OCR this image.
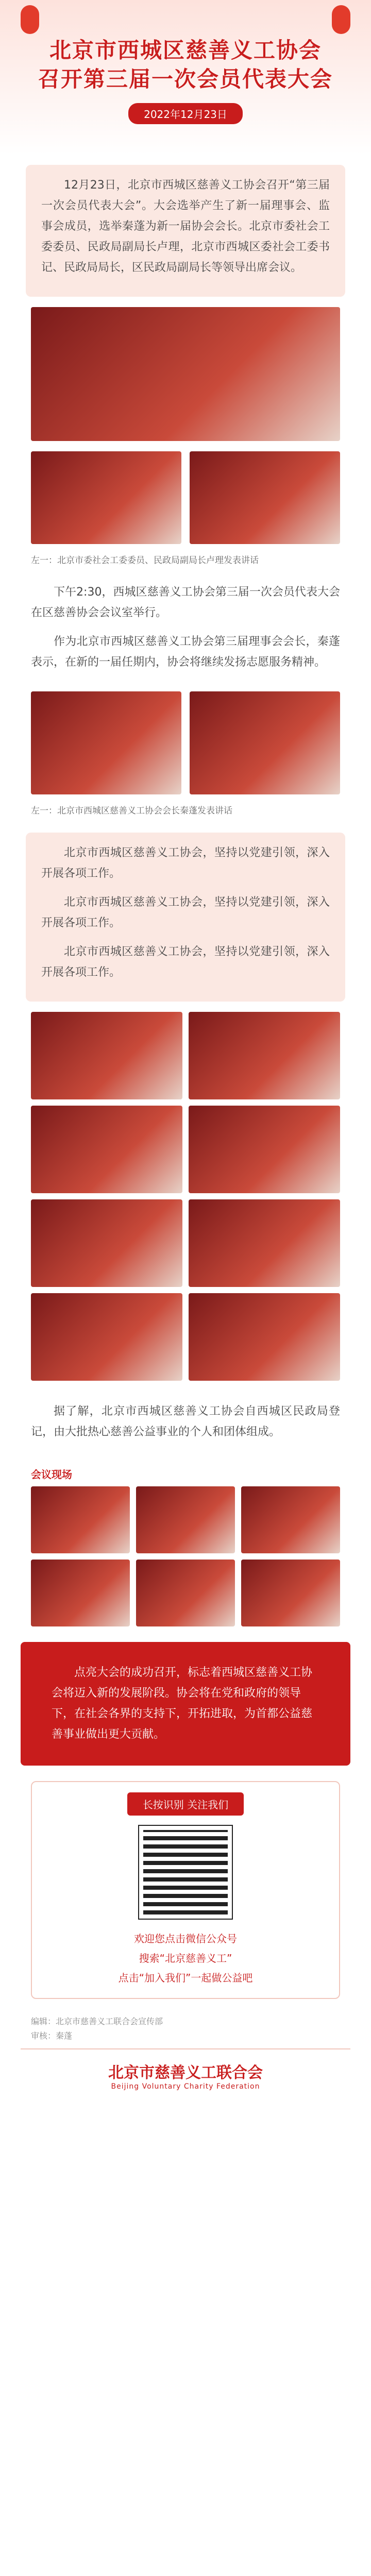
北京市西城区慈善义工协会
召开第三届一次会员代表大会
2022年12月23日

12月23日，北京市西城区慈善义工协会召开“第三届一次会员代表大会”。大会选举产生了新一届理事会、监事会成员，选举秦蓬为新一届协会会长。北京市委社会工委委员、民政局副局长卢理，北京市西城区委社会工委书记、民政局局长，区民政局副局长等领导出席会议。

左一：北京市委社会工委委员、民政局副局长卢理发表讲话

下午2:30，西城区慈善义工协会第三届一次会员代表大会在区慈善协会会议室举行。

作为北京市西城区慈善义工协会第三届理事会会长，秦蓬表示，在新的一届任期内，协会将继续发扬志愿服务精神。

左一：北京市西城区慈善义工协会会长秦蓬发表讲话

北京市西城区慈善义工协会，坚持以党建引领，深入开展各项工作。

北京市西城区慈善义工协会，坚持以党建引领，深入开展各项工作。

北京市西城区慈善义工协会，坚持以党建引领，深入开展各项工作。

据了解，北京市西城区慈善义工协会自西城区民政局登记，由大批热心慈善公益事业的个人和团体组成。

会议现场

点亮大会的成功召开，标志着西城区慈善义工协会将迈入新的发展阶段。协会将在党和政府的领导下，在社会各界的支持下，开拓进取，为首都公益慈善事业做出更大贡献。

长按识别 关注我们

欢迎您点击微信公众号

搜索“北京慈善义工”

点击“加入我们”一起做公益吧

编辑：北京市慈善义工联合会宣传部
审核：秦蓬
北京市慈善义工联合会
Beijing Voluntary Charity Federation
